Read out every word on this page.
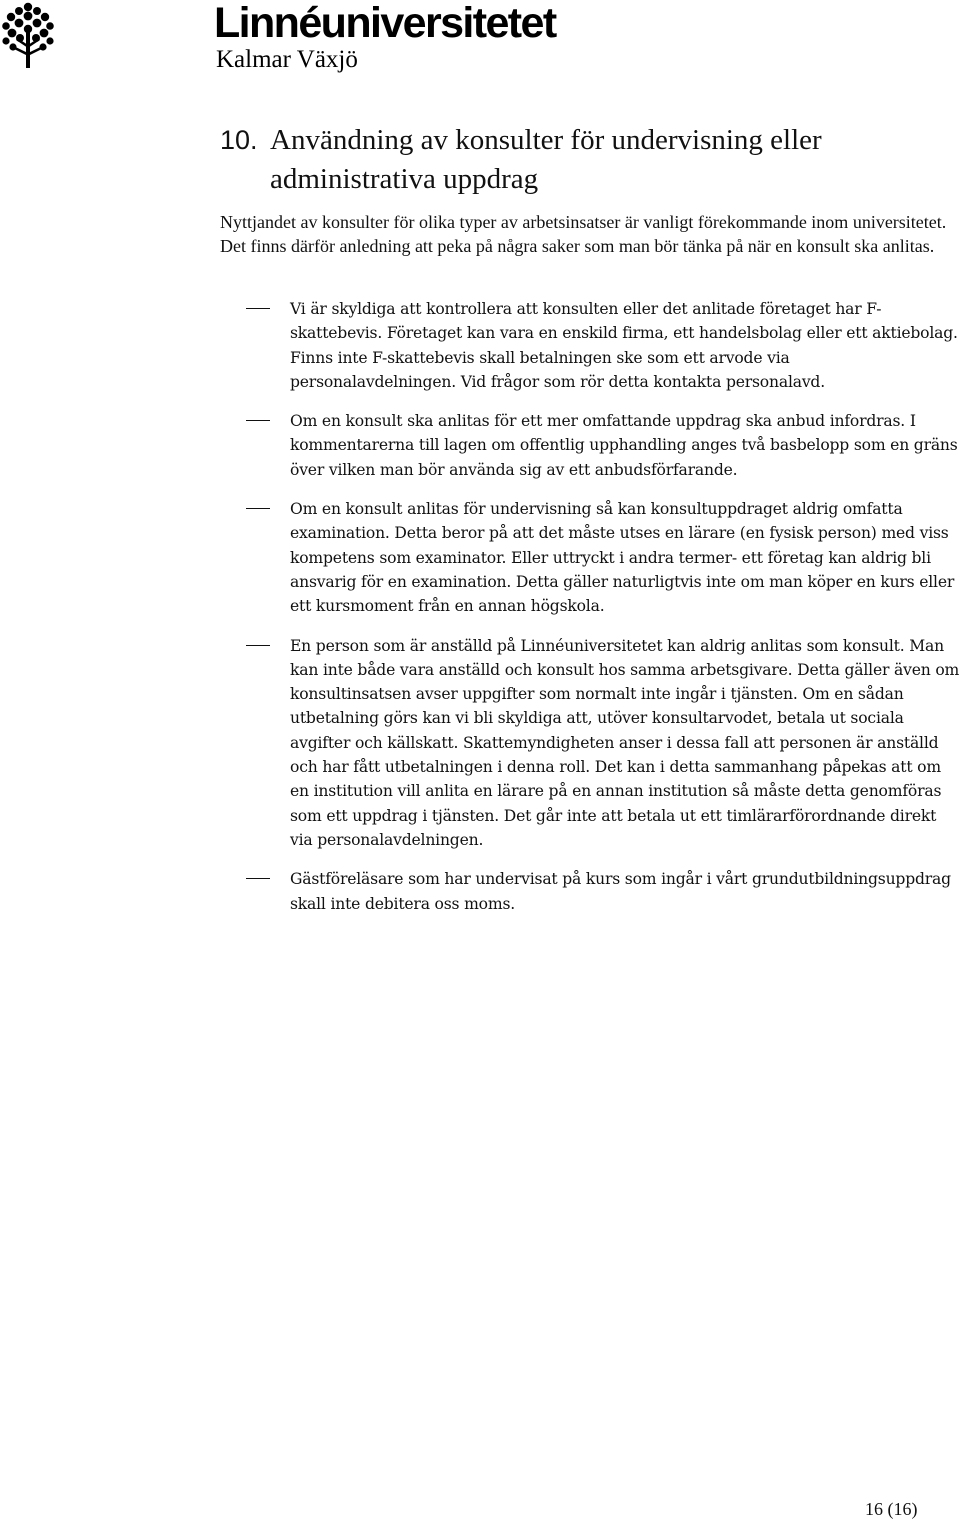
Linnéuniversitetet
Kalmar Växjö
10. Användning av konsulter för undervisning eller
administrativa uppdrag

Nyttjandet av konsulter för olika typer av arbetsinsatser är vanligt förekommande inom universitetet. Det finns därför anledning att peka på några saker som man bör tänka på när en konsult ska anlitas.

Vi är skyldiga att kontrollera att konsulten eller det anlitade företaget har F-skattebevis. Företaget kan vara en enskild firma, ett handelsbolag eller ett aktiebolag. Finns inte F-skattebevis skall betalningen ske som ett arvode via personalavdelningen. Vid frågor som rör detta kontakta personalavd.
Om en konsult ska anlitas för ett mer omfattande uppdrag ska anbud infordras. I kommentarerna till lagen om offentlig upphandling anges två basbelopp som en gräns över vilken man bör använda sig av ett anbudsförfarande.
Om en konsult anlitas för undervisning så kan konsultuppdraget aldrig omfatta examination. Detta beror på att det måste utses en lärare (en fysisk person) med viss kompetens som examinator. Eller uttryckt i andra termer- ett företag kan aldrig bli ansvarig för en examination. Detta gäller naturligtvis inte om man köper en kurs eller ett kursmoment från en annan högskola.
En person som är anställd på Linnéuniversitetet kan aldrig anlitas som konsult. Man kan inte både vara anställd och konsult hos samma arbetsgivare. Detta gäller även om konsultinsatsen avser uppgifter som normalt inte ingår i tjänsten. Om en sådan utbetalning görs kan vi bli skyldiga att, utöver konsultarvodet, betala ut sociala avgifter och källskatt. Skattemyndigheten anser i dessa fall att personen är anställd och har fått utbetalningen i denna roll. Det kan i detta sammanhang påpekas att om en institution vill anlita en lärare på en annan institution så måste detta genomföras som ett uppdrag i tjänsten. Det går inte att betala ut ett timlärarförordnande direkt via personalavdelningen.
Gästföreläsare som har undervisat på kurs som ingår i vårt grundutbildningsuppdrag skall inte debitera oss moms.
16 (16)
